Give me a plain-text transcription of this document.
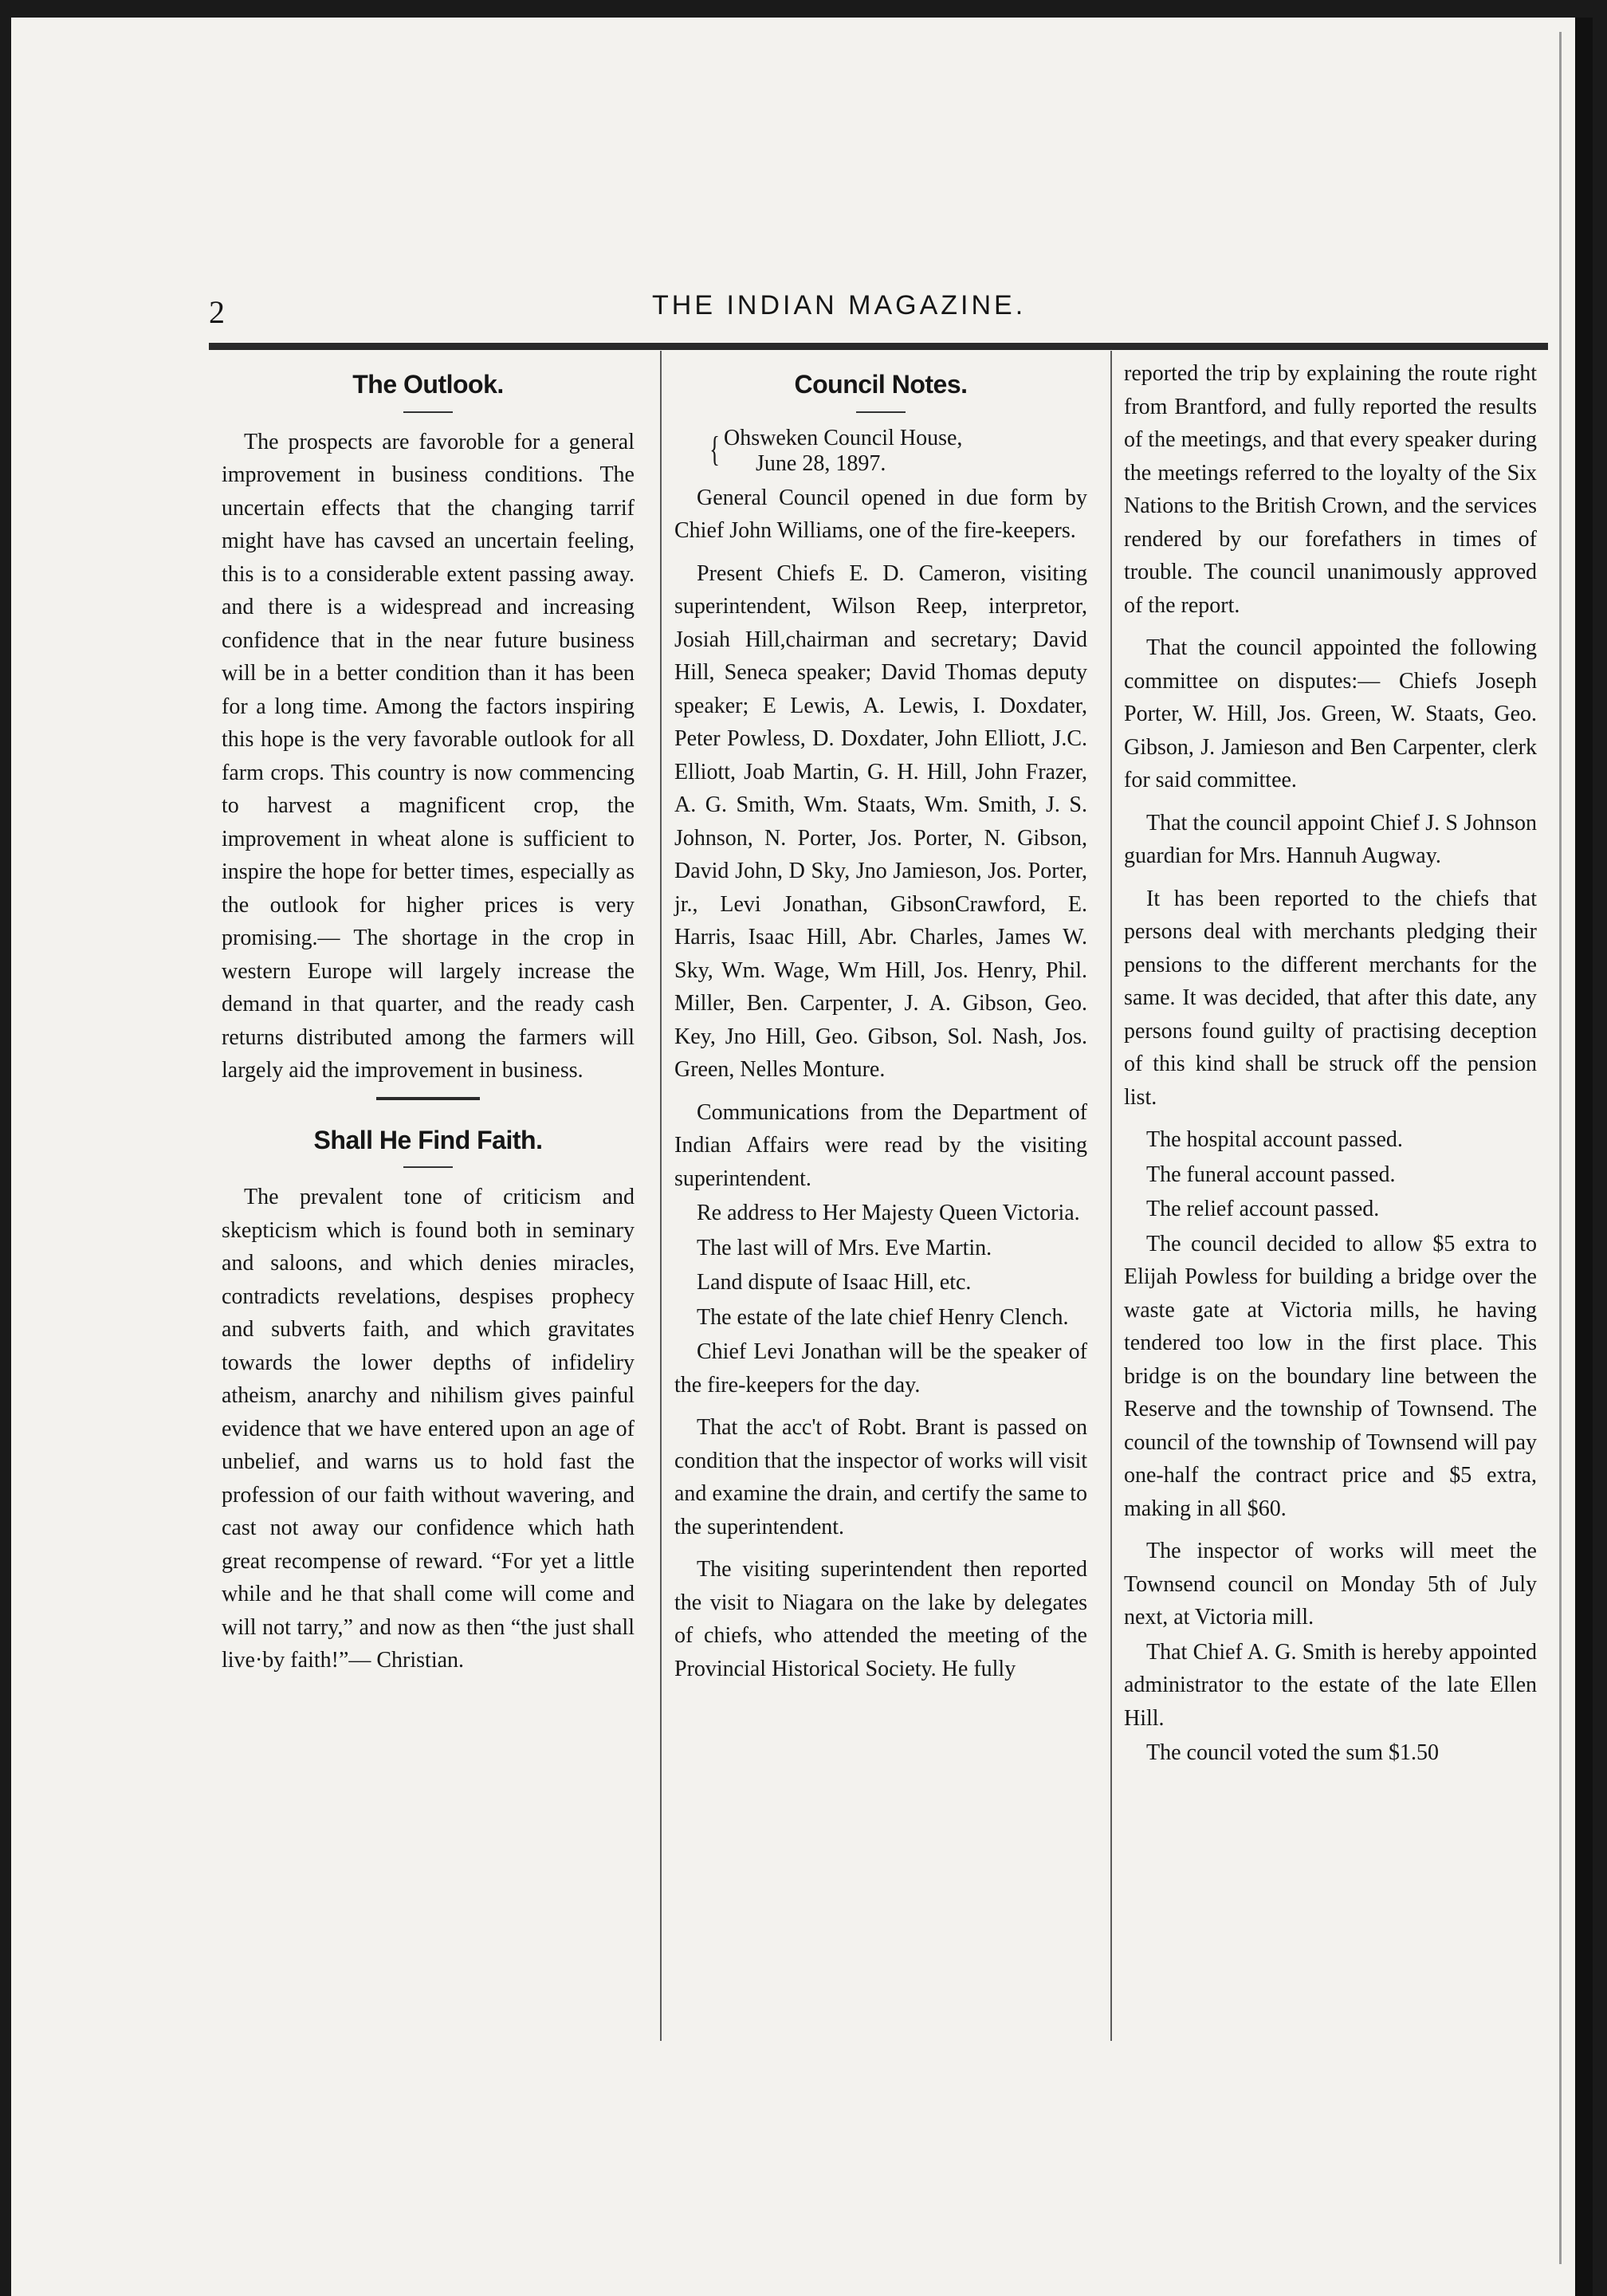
2	THE INDIAN MAGAZINE.
The Outlook.

The prospects are favoroble for a general improvement in business conditions. The uncertain effects that the changing tarrif might have has cavsed an uncertain feeling, this is to a considerable extent passing away. and there is a widespread and increasing confidence that in the near future business will be in a better condition than it has been for a long time. Among the factors inspiring this hope is the very favorable outlook for all farm crops. This country is now commencing to harvest a magnificent crop, the improvement in wheat alone is sufficient to inspire the hope for better times, especially as the outlook for higher prices is very promising.— The shortage in the crop in western Europe will largely increase the demand in that quarter, and the ready cash returns distributed among the farmers will largely aid the improvement in business.

Shall He Find Faith.

The prevalent tone of criticism and skepticism which is found both in seminary and saloons, and which denies miracles, contradicts revelations, despises prophecy and subverts faith, and which gravitates towards the lower depths of infideliry atheism, anarchy and nihilism gives painful evidence that we have entered upon an age of unbelief, and warns us to hold fast the profession of our faith without wavering, and cast not away our confidence which hath great recompense of reward. “For yet a little while and he that shall come will come and will not tarry,” and now as then “the just shall live·by faith!”— Christian.

Council Notes.
{ Ohsweken Council House,
June 28, 1897.

General Council opened in due form by Chief John Williams, one of the fire-keepers.

Present Chiefs E. D. Cameron, visiting superintendent, Wilson Reep, interpretor, Josiah Hill,chairman and secretary; David Hill, Seneca speaker; David Thomas deputy speaker; E Lewis, A. Lewis, I. Doxdater, Peter Powless, D. Doxdater, John Elliott, J.C. Elliott, Joab Martin, G. H. Hill, John Frazer, A. G. Smith, Wm. Staats, Wm. Smith, J. S. Johnson, N. Porter, Jos. Porter, N. Gibson, David John, D Sky, Jno Jamieson, Jos. Porter, jr., Levi Jonathan, GibsonCrawford, E. Harris, Isaac Hill, Abr. Charles, James W. Sky, Wm. Wage, Wm Hill, Jos. Henry, Phil. Miller, Ben. Carpenter, J. A. Gibson, Geo. Key, Jno Hill, Geo. Gibson, Sol. Nash, Jos. Green, Nelles Monture.

Communications from the Department of Indian Affairs were read by the visiting superintendent.

Re address to Her Majesty Queen Victoria.

The last will of Mrs. Eve Martin.

Land dispute of Isaac Hill, etc.

The estate of the late chief Henry Clench.

Chief Levi Jonathan will be the speaker of the fire-keepers for the day.

That the acc't of Robt. Brant is passed on condition that the inspector of works will visit and examine the drain, and certify the same to the superintendent.

The visiting superintendent then reported the visit to Niagara on the lake by delegates of chiefs, who attended the meeting of the Provincial Historical Society. He fully

reported the trip by explaining the route right from Brantford, and fully reported the results of the meetings, and that every speaker during the meetings referred to the loyalty of the Six Nations to the British Crown, and the services rendered by our forefathers in times of trouble. The council unanimously approved of the report.

That the council appointed the following committee on disputes:— Chiefs Joseph Porter, W. Hill, Jos. Green, W. Staats, Geo. Gibson, J. Jamieson and Ben Carpenter, clerk for said committee.

That the council appoint Chief J. S Johnson guardian for Mrs. Hannuh Augway.

It has been reported to the chiefs that persons deal with merchants pledging their pensions to the different merchants for the same. It was decided, that after this date, any persons found guilty of practising deception of this kind shall be struck off the pension list.

The hospital account passed.

The funeral account passed.

The relief account passed.

The council decided to allow $5 extra to Elijah Powless for building a bridge over the waste gate at Victoria mills, he having tendered too low in the first place. This bridge is on the boundary line between the Reserve and the township of Townsend. The council of the township of Townsend will pay one-half the contract price and $5 extra, making in all $60.

The inspector of works will meet the Townsend council on Monday 5th of July next, at Victoria mill.

That Chief A. G. Smith is hereby appointed administrator to the estate of the late Ellen Hill.

The council voted the sum $1.50
